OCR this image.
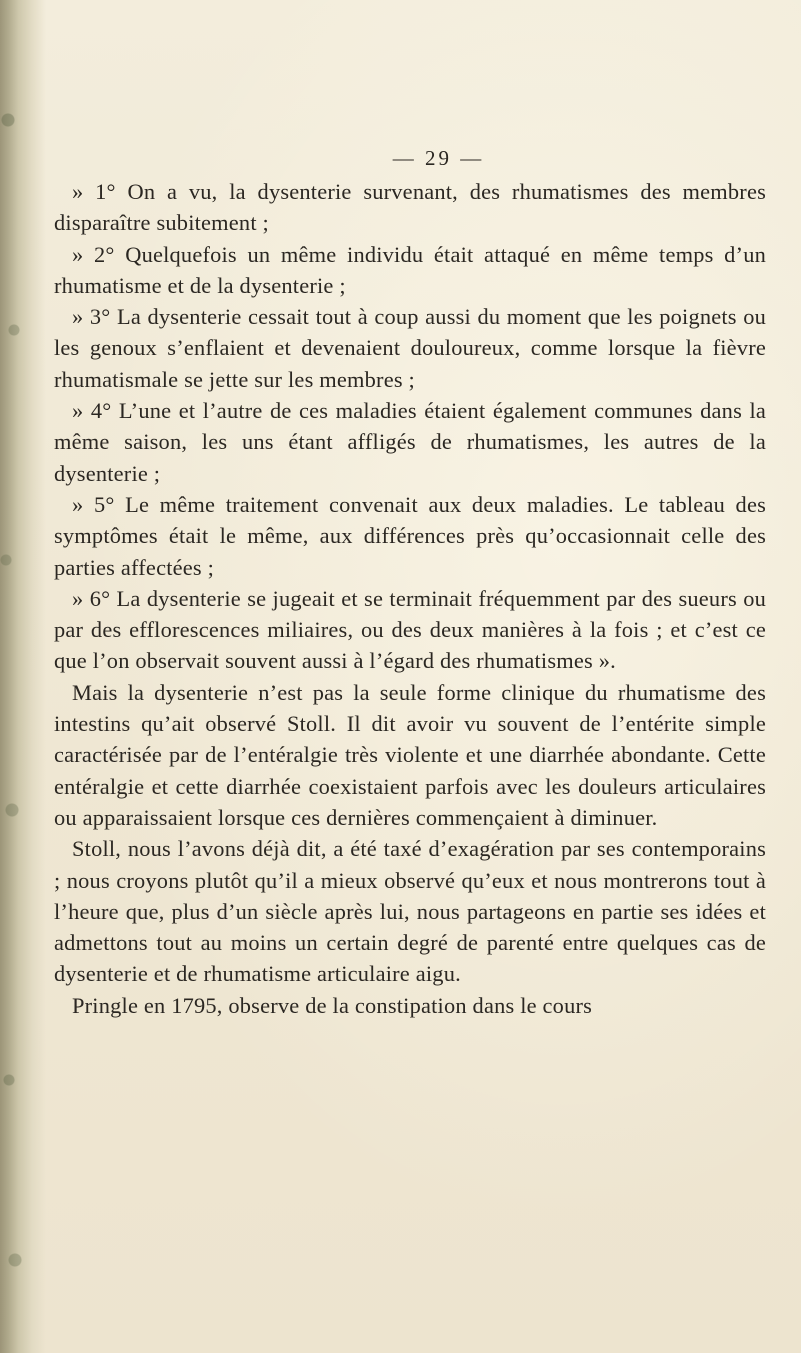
— 29 —

» 1° On a vu, la dysenterie survenant, des rhumatismes des membres disparaître subitement ;

» 2° Quelquefois un même individu était attaqué en même temps d’un rhumatisme et de la dysenterie ;

» 3° La dysenterie cessait tout à coup aussi du moment que les poignets ou les genoux s’enflaient et devenaient douloureux, comme lorsque la fièvre rhumatismale se jette sur les membres ;

» 4° L’une et l’autre de ces maladies étaient également communes dans la même saison, les uns étant affligés de rhumatismes, les autres de la dysenterie ;

» 5° Le même traitement convenait aux deux maladies. Le tableau des symptômes était le même, aux différences près qu’occasionnait celle des parties affectées ;

» 6° La dysenterie se jugeait et se terminait fréquemment par des sueurs ou par des efflorescences miliaires, ou des deux manières à la fois ; et c’est ce que l’on observait souvent aussi à l’égard des rhumatismes ».

Mais la dysenterie n’est pas la seule forme clinique du rhumatisme des intestins qu’ait observé Stoll. Il dit avoir vu souvent de l’entérite simple caractérisée par de l’entéralgie très violente et une diarrhée abondante. Cette entéralgie et cette diarrhée coexistaient parfois avec les douleurs articulaires ou apparaissaient lorsque ces dernières commençaient à diminuer.

Stoll, nous l’avons déjà dit, a été taxé d’exagération par ses contemporains ; nous croyons plutôt qu’il a mieux observé qu’eux et nous montrerons tout à l’heure que, plus d’un siècle après lui, nous partageons en partie ses idées et admettons tout au moins un certain degré de parenté entre quelques cas de dysenterie et de rhumatisme articulaire aigu.

Pringle en 1795, observe de la constipation dans le cours
